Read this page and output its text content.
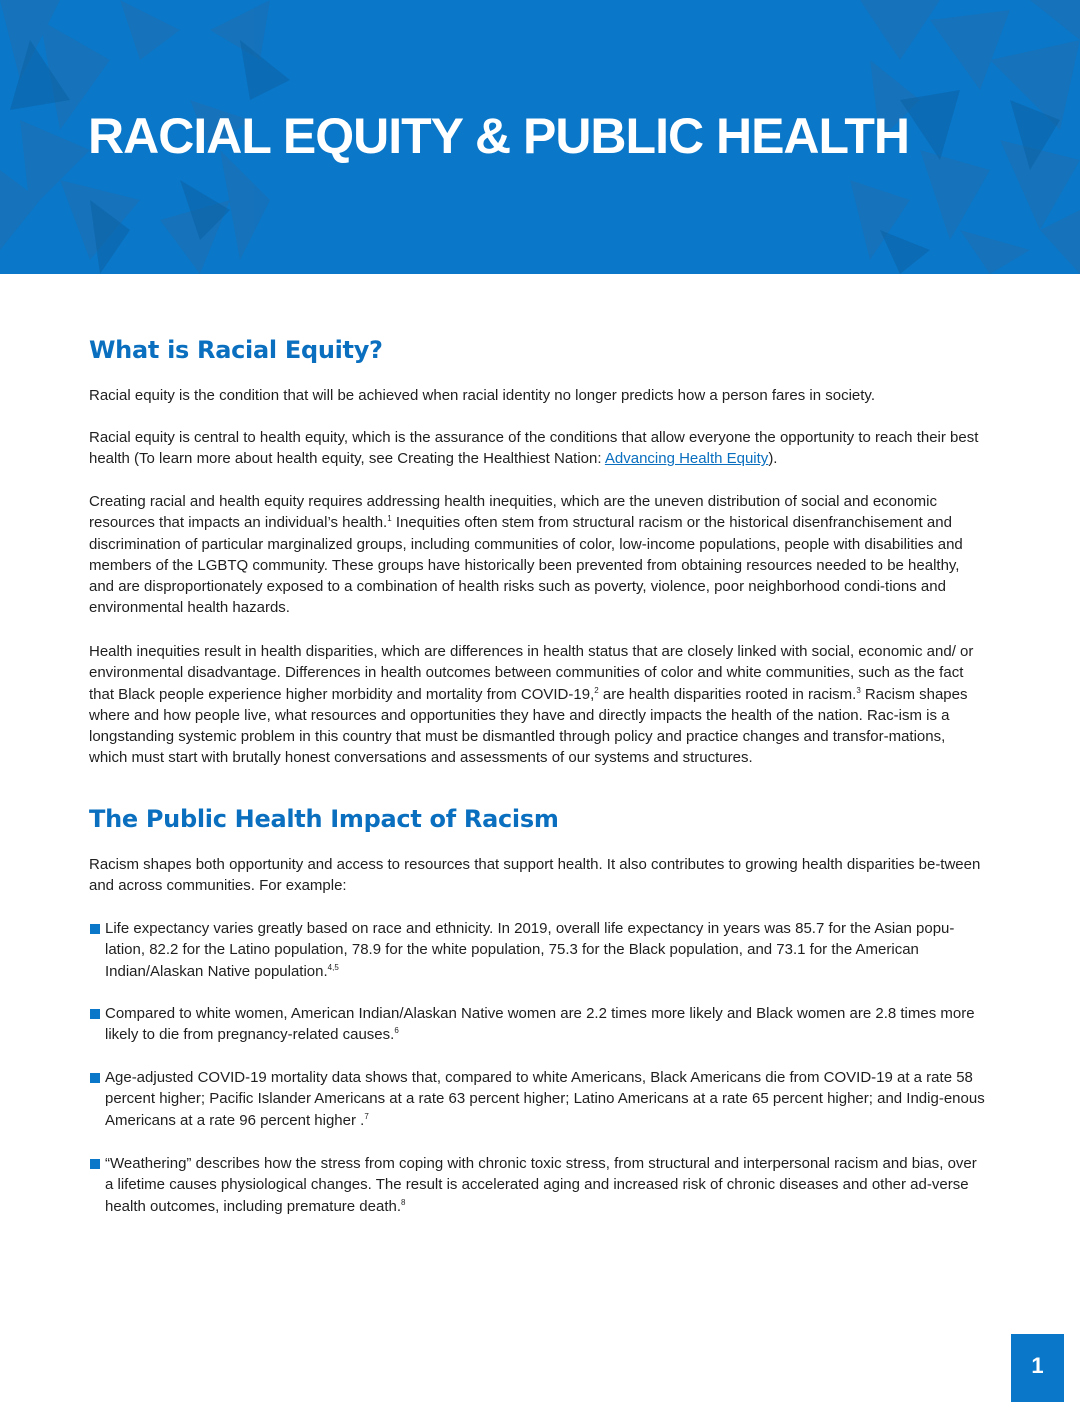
RACIAL EQUITY & PUBLIC HEALTH
What is Racial Equity?

Racial equity is the condition that will be achieved when racial identity no longer predicts how a person fares in society.

Racial equity is central to health equity, which is the assurance of the conditions that allow everyone the opportunity to reach their best health (To learn more about health equity, see Creating the Healthiest Nation: Advancing Health Equity).

Creating racial and health equity requires addressing health inequities, which are the uneven distribution of social and economic resources that impacts an individual’s health.$^1$ Inequities often stem from structural racism or the historical disenfranchisement and discrimination of particular marginalized groups, including communities of color, low-income populations, people with disabilities and members of the LGBTQ community. These groups have historically been prevented from obtaining resources needed to be healthy, and are disproportionately exposed to a combination of health risks such as poverty, violence, poor neighborhood condi-tions and environmental health hazards.

Health inequities result in health disparities, which are differences in health status that are closely linked with social, economic and/ or environmental disadvantage. Differences in health outcomes between communities of color and white communities, such as the fact that Black people experience higher morbidity and mortality from COVID-19,$^2$ are health disparities rooted in racism.$^3$ Racism shapes where and how people live, what resources and opportunities they have and directly impacts the health of the nation. Rac-ism is a longstanding systemic problem in this country that must be dismantled through policy and practice changes and transfor-mations, which must start with brutally honest conversations and assessments of our systems and structures.

The Public Health Impact of Racism

Racism shapes both opportunity and access to resources that support health. It also contributes to growing health disparities be-tween and across communities. For example:

Life expectancy varies greatly based on race and ethnicity. In 2019, overall life expectancy in years was 85.7 for the Asian popu-lation, 82.2 for the Latino population, 78.9 for the white population, 75.3 for the Black population, and 73.1 for the American Indian/Alaskan Native population.$^{4,5}$
Compared to white women, American Indian/Alaskan Native women are 2.2 times more likely and Black women are 2.8 times more likely to die from pregnancy-related causes.$^6$
Age-adjusted COVID-19 mortality data shows that, compared to white Americans, Black Americans die from COVID-19 at a rate 58 percent higher; Pacific Islander Americans at a rate 63 percent higher; Latino Americans at a rate 65 percent higher; and Indig-enous Americans at a rate 96 percent higher .$^7$
“Weathering” describes how the stress from coping with chronic toxic stress, from structural and interpersonal racism and bias, over a lifetime causes physiological changes. The result is accelerated aging and increased risk of chronic diseases and other ad-verse health outcomes, including premature death.$^8$
1
